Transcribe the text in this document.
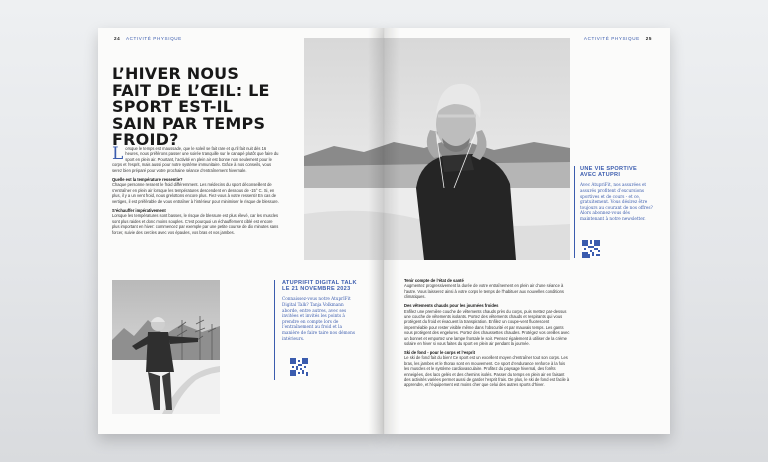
24 ACTIVITÉ PHYSIQUE
L’HIVER NOUS FAIT DE L’ŒIL: LE SPORT EST-IL SAIN PAR TEMPS FROID?

Lorsque le temps est maussade, que le soleil se fait rare et qu’il fait nuit dès 16 heures, nous préférons passer une soirée tranquille sur le canapé plutôt que faire du sport en plein air. Pourtant, l’activité en plein air est bonne non seulement pour le corps et l’esprit, mais aussi pour notre système immunitaire. Grâce à nos conseils, vous serez bien préparé pour votre prochaine séance d’entraînement hivernale.

Quelle est la température ressentie?

Chaque personne ressent le froid différemment. Les médecins du sport déconseillent de s’entraîner en plein air lorsque les températures descendent en dessous de -15° C. Si, en plus, il y a un vent froid, nous grelottons encore plus. Fiez-vous à votre ressenti! En cas de vertiges, il est préférable de vous entraîner à l’intérieur pour minimiser le risque de blessure.

S’échauffer impérativement

Lorsque les températures sont basses, le risque de blessure est plus élevé, car les muscles sont plus raides et donc moins souples. C’est pourquoi un échauffement ciblé est encore plus important en hiver: commencez par exemple par une petite course de dix minutes sans forcer, suivie des cercles avec vos épaules, vos bras et vos jambes.

ATUPRIFIT DIGITAL TALK LE 21 NOVEMBRE 2023
Connaissez-vous notre AtuprIFit Digital Talk? Tanja Volkmann aborde, entre autres, avec ses invitées et invités les points à prendre en compte lors de l’entraînement au froid et la manière de faire taire nos démons intérieurs.
ACTIVITÉ PHYSIQUE 25
UNE VIE SPORTIVE AVEC ATUPRI
Avec AtupriFit, nos assurées et assurés profitent d’excursions sportives et de cours - et ce, gratuitement. Vous désirez être toujours au courant de nos offres? Alors abonnez-vous dès maintenant à notre newsletter.

Tenir compte de l’état de santé

Augmentez progressivement la durée de votre entraînement en plein air d’une séance à l’autre. Vous laisserez ainsi à votre corps le temps de l’habituer aux nouvelles conditions climatiques.

Des vêtements chauds pour les journées froides

Enfilez une première couche de vêtements chauds près du corps, puis mettez par-dessus une couche de vêtements isolants. Portez des vêtements chauds et respirants qui vous protègent du froid et évacuent la transpiration. Enfilez un coupe-vent fluorescent imperméable pour rester visible même dans l’obscurité et par mauvais temps. Les gants vous protègent des engelures. Portez des chaussettes chaudes. Protégez vos oreilles avec un bonnet et emportez une lampe frontale le soir. Pensez également à utiliser de la crème solaire en hiver si vous faites du sport en plein air pendant la journée.

Ski de fond - pour le corps et l’esprit

Le ski de fond fait du bien! Ce sport est un excellent moyen d’entraîner tout son corps. Les bras, les jambes et le thorax sont en mouvement. Ce sport d’endurance renforce à la fois les muscles et le système cardiovasculaire. Profitez du paysage hivernal, des forêts enneigées, des lacs gelés et des chemins isolés. Passer du temps en plein air en faisant des activités variées permet aussi de garder l’esprit frais. De plus, le ski de fond est facile à apprendre, et l’équipement est moins cher que celui des autres sports d’hiver.
